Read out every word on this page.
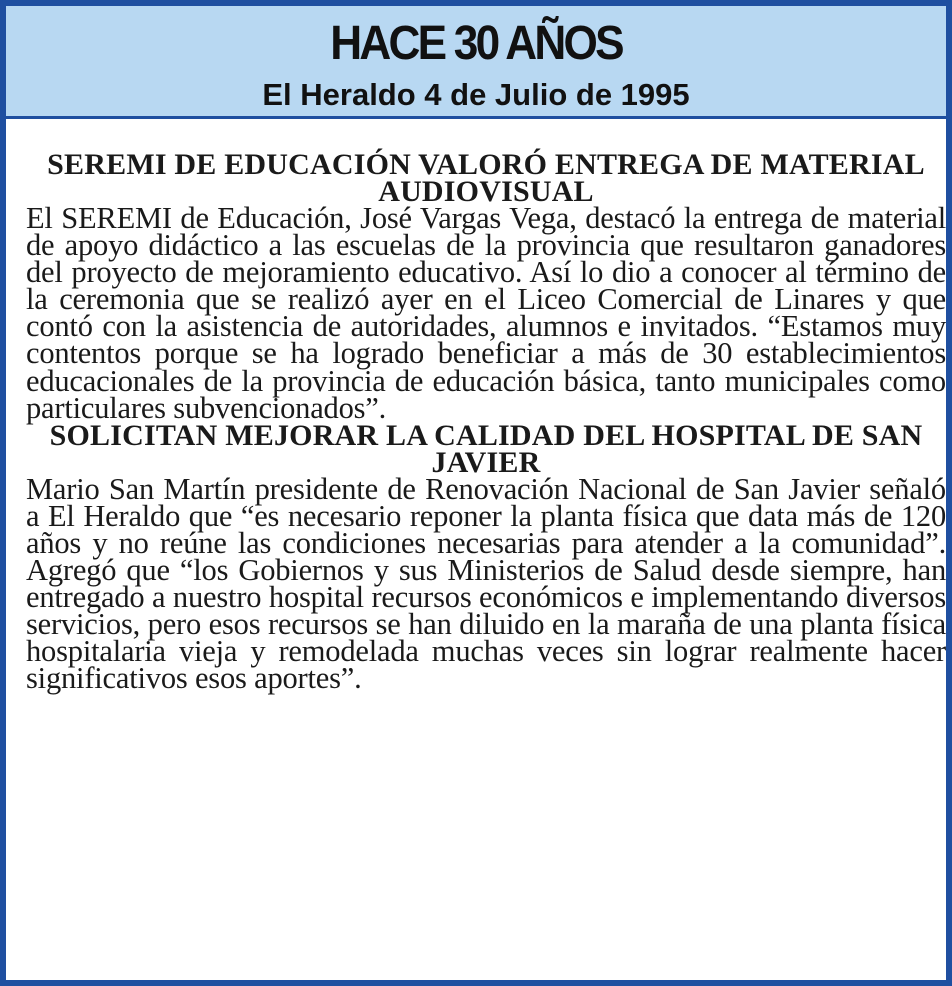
HACE 30 AÑOS
El Heraldo 4 de Julio de 1995
SEREMI DE EDUCACIÓN VALORÓ ENTREGA DE MATERIAL AUDIOVISUAL

El SEREMI de Educación, José Vargas Vega, destacó la entrega de material de apoyo didáctico a las escuelas de la provincia que resultaron ganadores del proyecto de mejoramiento educativo. Así lo dio a conocer al término de la ceremonia que se realizó ayer en el Liceo Comercial de Linares y que contó con la asistencia de autoridades, alumnos e invitados. “Estamos muy contentos porque se ha logrado beneficiar a más de 30 establecimientos educacionales de la provincia de educación básica, tanto municipales como particulares subvencionados”.

SOLICITAN MEJORAR LA CALIDAD DEL HOSPITAL DE SAN JAVIER

Mario San Martín presidente de Renovación Nacional de San Javier señaló a El Heraldo que “es necesario reponer la planta física que data más de 120 años y no reúne las condiciones necesarias para atender a la comunidad”. Agregó que “los Gobiernos y sus Ministerios de Salud desde siempre, han entregado a nuestro hospital recursos económicos e implementando diversos servicios, pero esos recursos se han diluido en la maraña de una planta física hospitalaria vieja y remodelada muchas veces sin lograr realmente hacer significativos esos aportes”.
